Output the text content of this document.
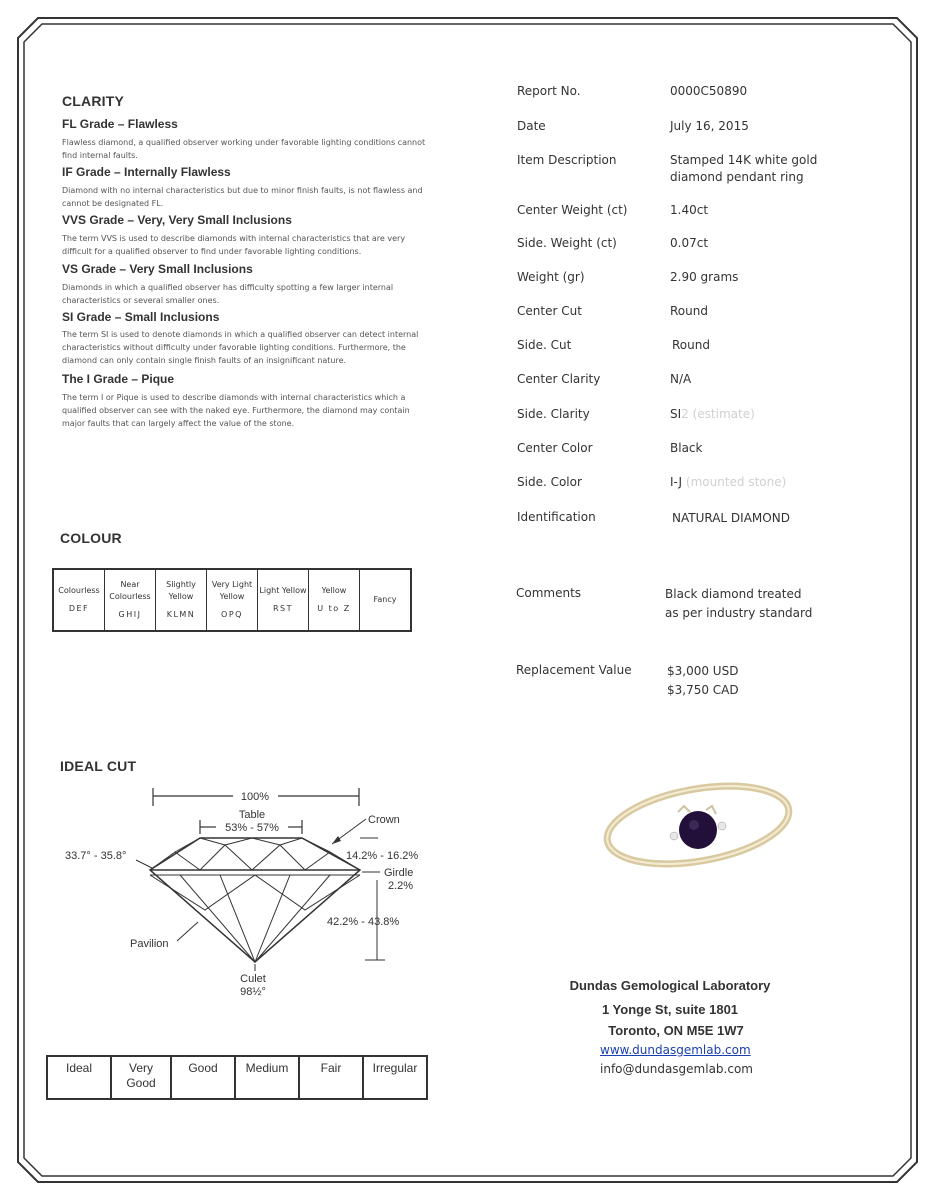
CLARITY
FL Grade – Flawless
Flawless diamond, a qualified observer working under favorable lighting conditions cannot find internal faults.
IF Grade – Internally Flawless
Diamond with no internal characteristics but due to minor finish faults, is not flawless and cannot be designated FL.
VVS Grade – Very, Very Small Inclusions
The term VVS is used to describe diamonds with internal characteristics that are very difficult for a qualified observer to find under favorable lighting conditions.
VS Grade – Very Small Inclusions
Diamonds in which a qualified observer has difficulty spotting a few larger internal characteristics or several smaller ones.
SI Grade – Small Inclusions
The term SI is used to denote diamonds in which a qualified observer can detect internal characteristics without difficulty under favorable lighting conditions. Furthermore, the diamond can only contain single finish faults of an insignificant nature.
The I Grade – Pique
The term I or Pique is used to describe diamonds with internal characteristics which a qualified observer can see with the naked eye. Furthermore, the diamond may contain major faults that can largely affect the value of the stone.
COLOUR
Colourless
DEF
	Near Colourless
GHIJ
	Slightly Yellow
KLMN
	Very Light Yellow
OPQ
	Light Yellow
RST
	Yellow
U to Z
	Fancy
IDEAL CUT
100%
Table
53% - 57%
33.7° - 35.8°
Crown
14.2% - 16.2%
Girdle
2.2%
42.2% - 43.8%
Pavilion
Culet
98½°
Ideal	Very Good	Good	Medium	Fair	Irregular
Report No.	0000C50890
Date	July 16, 2015
Item Description	Stamped 14K white gold diamond pendant ring
Center Weight (ct)	1.40ct
Side. Weight (ct)	0.07ct
Weight (gr)	2.90 grams
Center Cut	Round
Side. Cut	Round
Center Clarity	N/A
Side. Clarity	SI2 (estimate)
Center Color	Black
Side. Color	I-J (mounted stone)
Identification	NATURAL DIAMOND
Comments	Black diamond treated as per industry standard
Replacement Value	$3,000 USD
$3,750 CAD
Dundas Gemological Laboratory
1 Yonge St, suite 1801
Toronto, ON M5E 1W7
www.dundasgemlab.com
info@dundasgemlab.com
